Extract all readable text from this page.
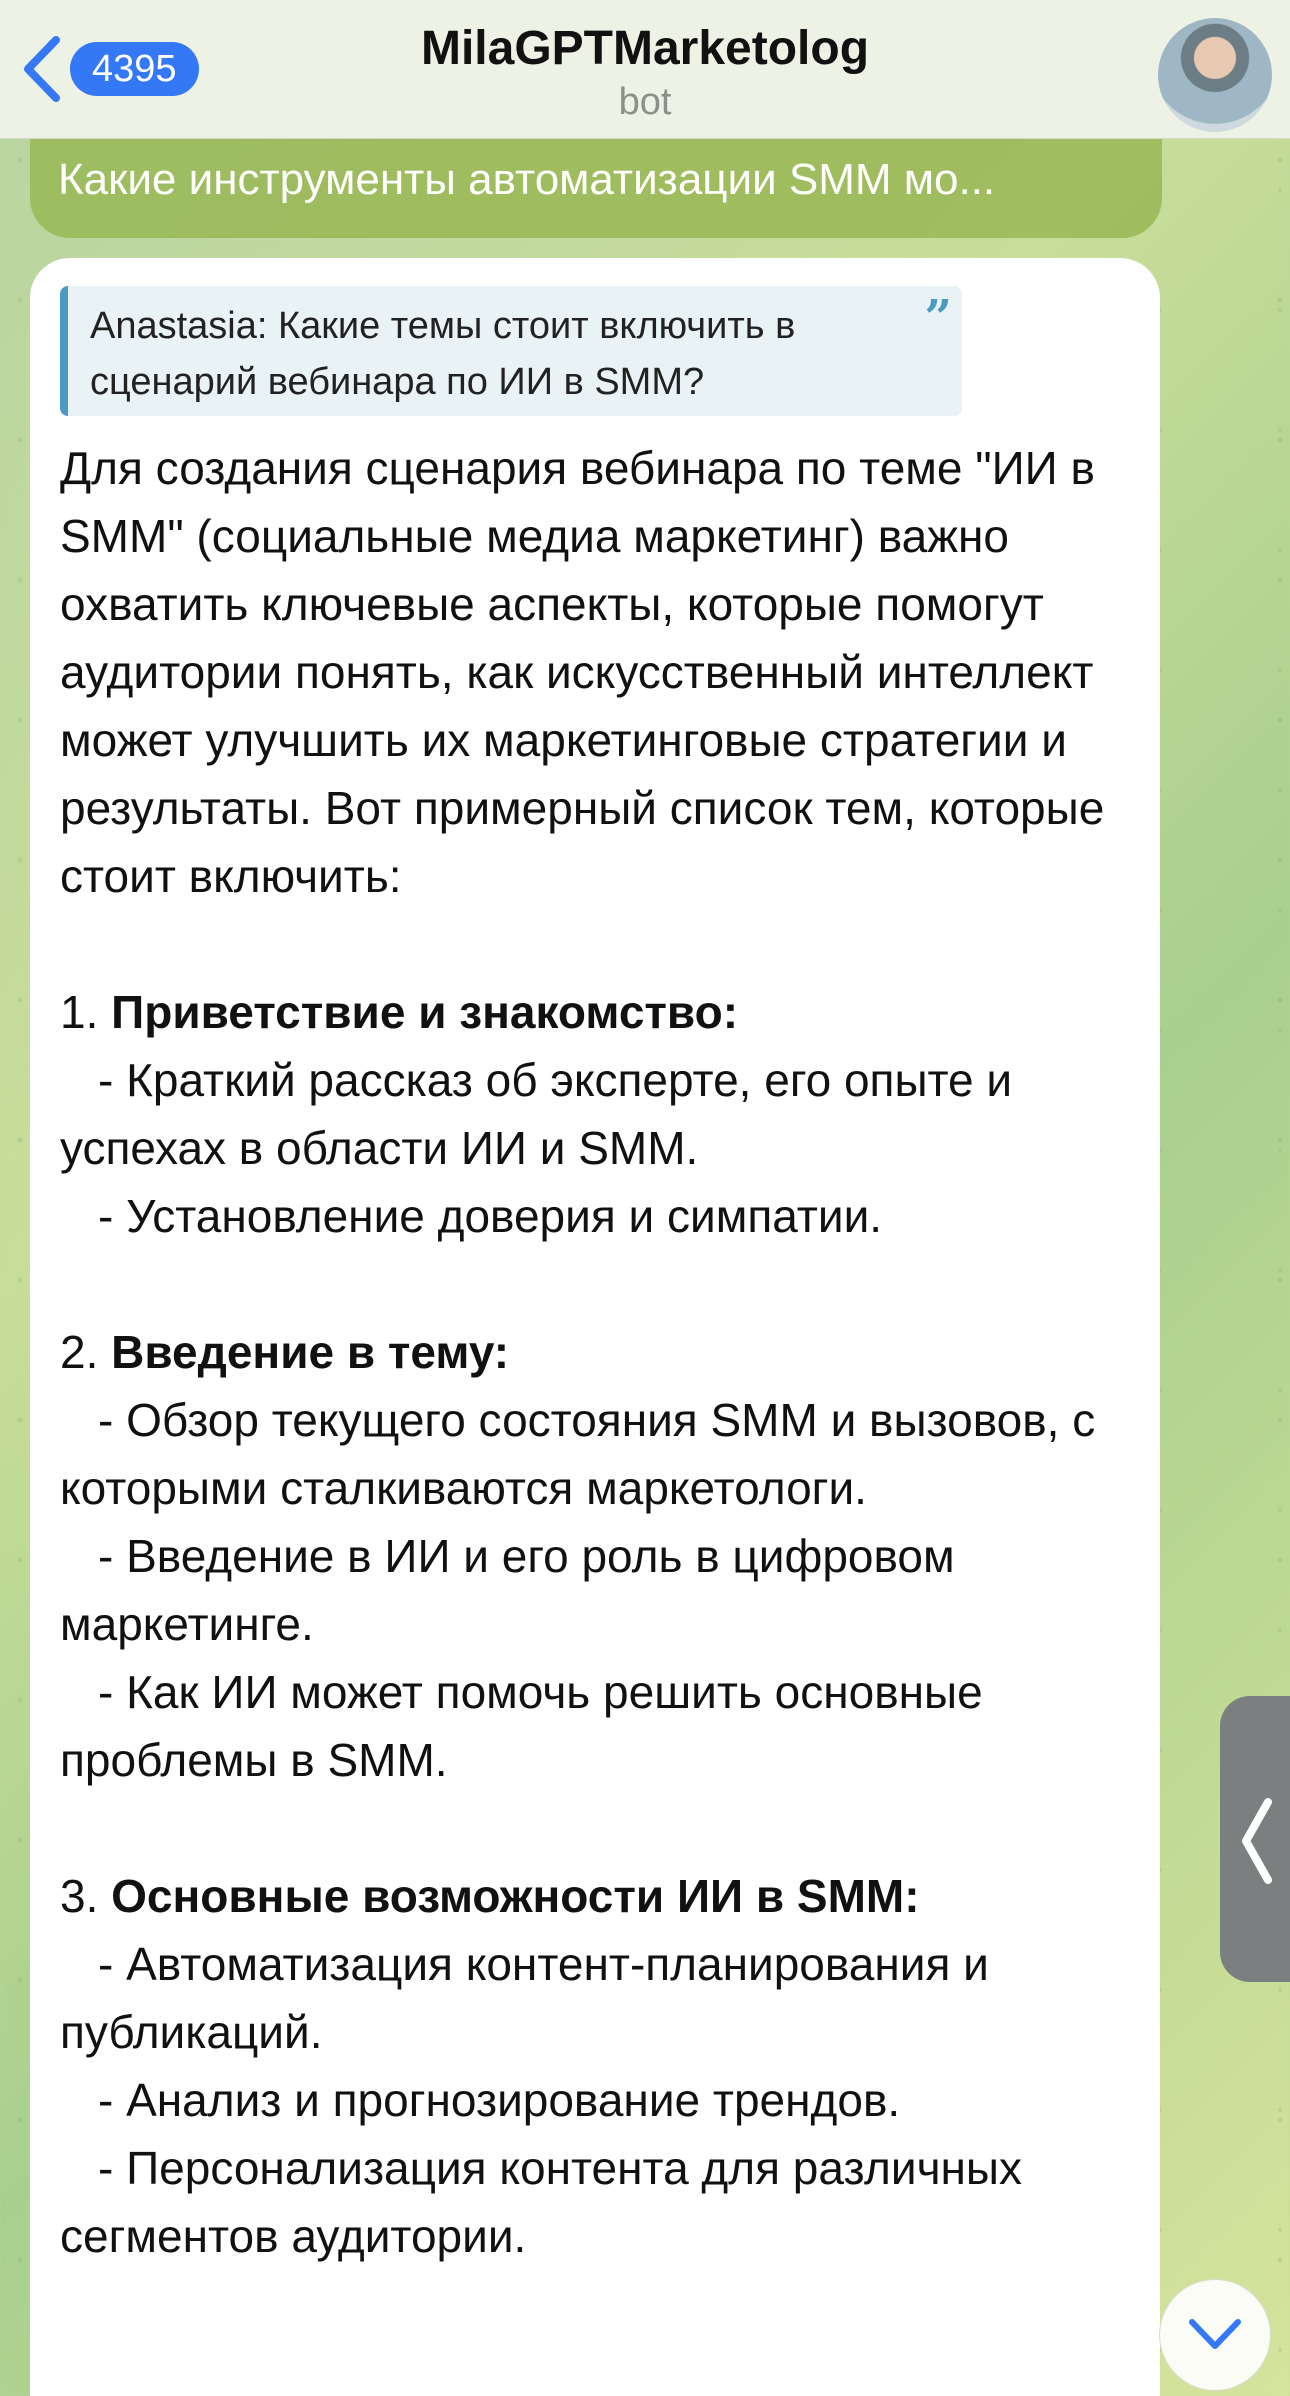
4395	MilaGPTMarketolog
bot
Какие инструменты автоматизации SMM мо...
Anastasia: Какие темы стоит включить в сценарий вебинара по ИИ в SMM?
”

Для создания сценария вебинара по теме "ИИ в SMM" (социальные медиа маркетинг) важно охватить ключевые аспекты, которые помогут аудитории понять, как искусственный интеллект может улучшить их маркетинговые стратегии и результаты. Вот примерный список тем, которые стоит включить:

1. Приветствие и знакомство:

- Краткий рассказ об эксперте, его опыте и успехах в области ИИ и SMM.

- Установление доверия и симпатии.

2. Введение в тему:

- Обзор текущего состояния SMM и вызовов, с которыми сталкиваются маркетологи.

- Введение в ИИ и его роль в цифровом маркетинге.

- Как ИИ может помочь решить основные проблемы в SMM.

3. Основные возможности ИИ в SMM:

- Автоматизация контент-планирования и публикаций.

- Анализ и прогнозирование трендов.

- Персонализация контента для различных сегментов аудитории.
